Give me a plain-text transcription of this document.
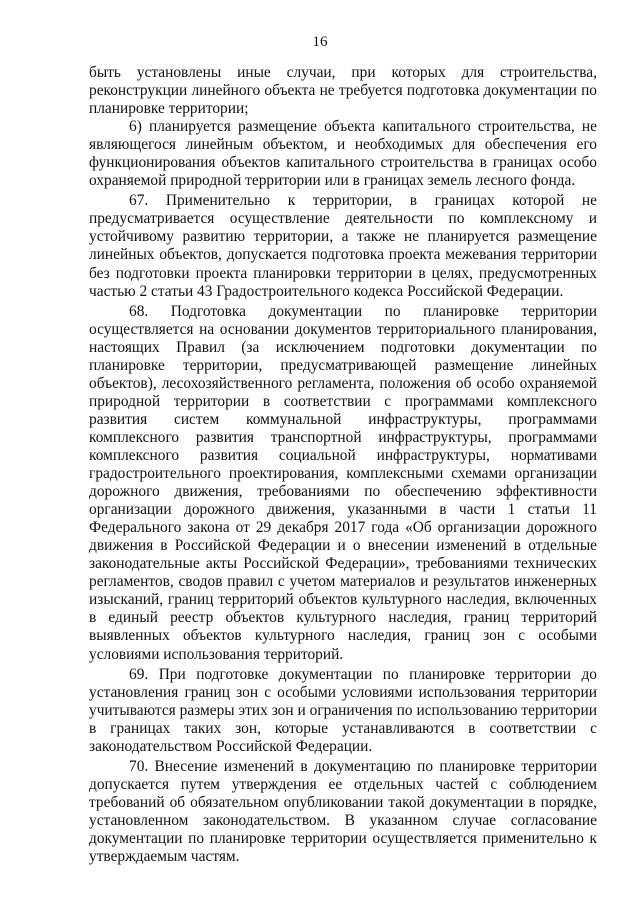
16

быть установлены иные случаи, при которых для строительства, реконструкции линейного объекта не требуется подготовка документации по планировке территории;

6) планируется размещение объекта капитального строительства, не являющегося линейным объектом, и необходимых для обеспечения его функционирования объектов капитального строительства в границах особо охраняемой природной территории или в границах земель лесного фонда.

67. Применительно к территории, в границах которой не предусматривается осуществление деятельности по комплексному и устойчивому развитию территории, а также не планируется размещение линейных объектов, допускается подготовка проекта межевания территории без подготовки проекта планировки территории в целях, предусмотренных частью 2 статьи 43 Градостроительного кодекса Российской Федерации.

68. Подготовка документации по планировке территории осуществляется на основании документов территориального планирования, настоящих Правил (за исключением подготовки документации по планировке территории, предусматривающей размещение линейных объектов), лесохозяйственного регламента, положения об особо охраняемой природной территории в соответствии с программами комплексного развития систем коммунальной инфраструктуры, программами комплексного развития транспортной инфраструктуры, программами комплексного развития социальной инфраструктуры, нормативами градостроительного проектирования, комплексными схемами организации дорожного движения, требованиями по обеспечению эффективности организации дорожного движения, указанными в части 1 статьи 11 Федерального закона от 29 декабря 2017 года «Об организации дорожного движения в Российской Федерации и о внесении изменений в отдельные законодательные акты Российской Федерации», требованиями технических регламентов, сводов правил с учетом материалов и результатов инженерных изысканий, границ территорий объектов культурного наследия, включенных в единый реестр объектов культурного наследия, границ территорий выявленных объектов культурного наследия, границ зон с особыми условиями использования территорий.

69. При подготовке документации по планировке территории до установления границ зон с особыми условиями использования территории учитываются размеры этих зон и ограничения по использованию территории в границах таких зон, которые устанавливаются в соответствии с законодательством Российской Федерации.

70. Внесение изменений в документацию по планировке территории допускается путем утверждения ее отдельных частей с соблюдением требований об обязательном опубликовании такой документации в порядке, установленном законодательством. В указанном случае согласование документации по планировке территории осуществляется применительно к утверждаемым частям.
